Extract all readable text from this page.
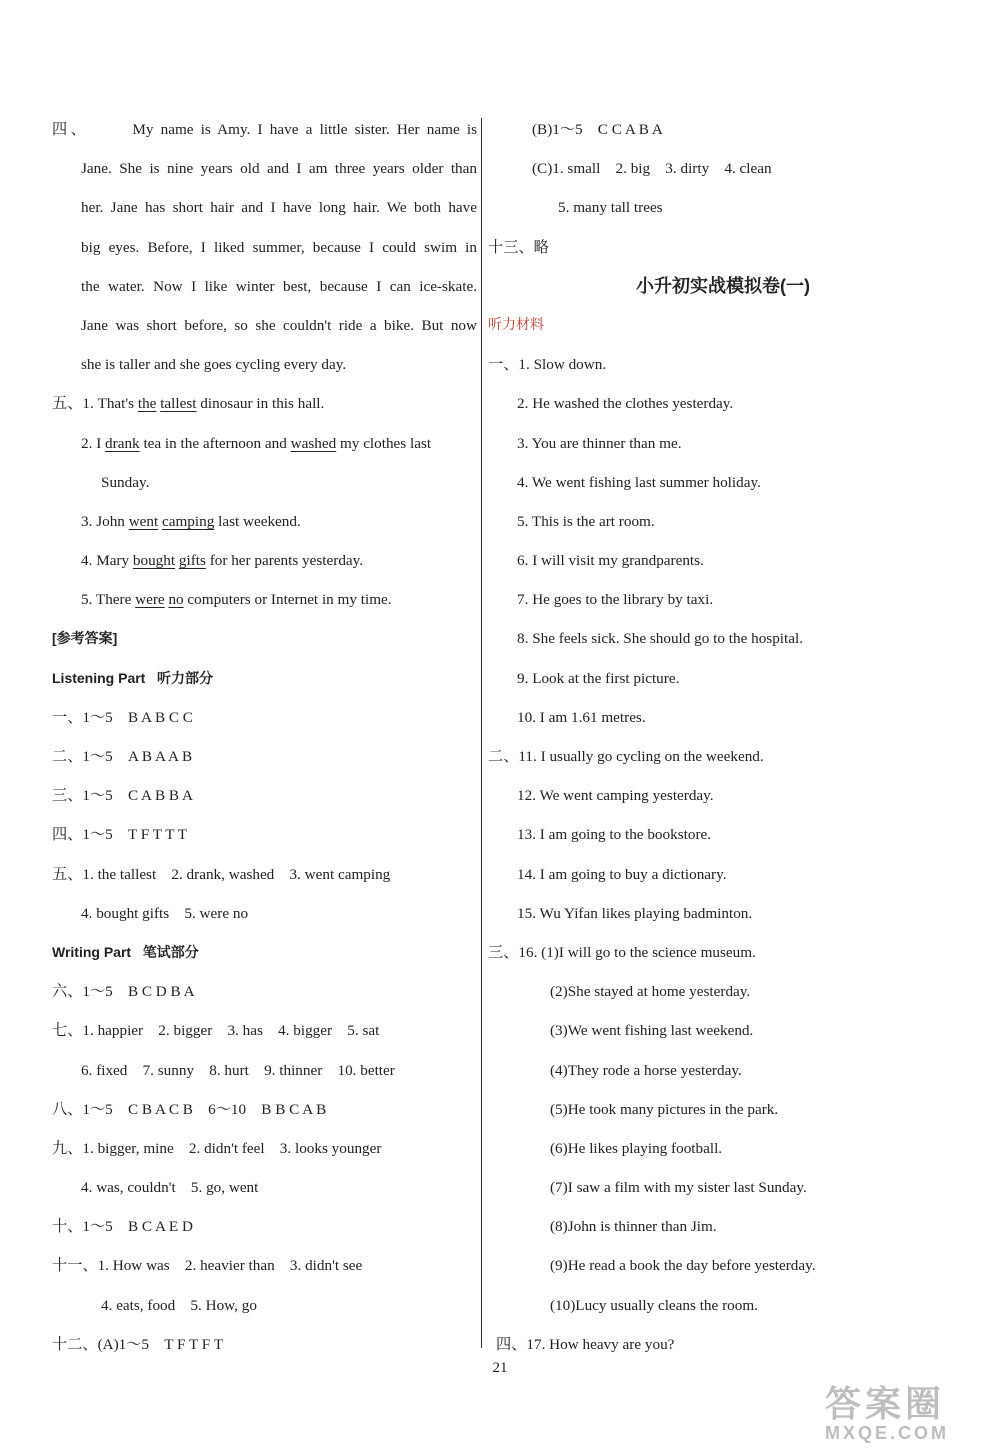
四、	My name is Amy. I have a little sister. Her name is
Jane. She is nine years old and I am three years older than
her. Jane has short hair and I have long hair. We both have
big eyes. Before, I liked summer, because I could swim in
the water. Now I like winter best, because I can ice-skate.
Jane was short before, so she couldn't ride a bike. But now
she is taller and she goes cycling every day.
五、1. That's the tallest dinosaur in this hall.
2. I drank tea in the afternoon and washed my clothes last
Sunday.
3. John went camping last weekend.
4. Mary bought gifts for her parents yesterday.
5. There were no computers or Internet in my time.
[参考答案]
Listening Part 听力部分
一、1～5　B A B C C
二、1～5　A B A A B
三、1～5　C A B B A
四、1～5　T F T T T
五、1. the tallest　2. drank, washed　3. went camping
4. bought gifts　5. were no
Writing Part 笔试部分
六、1～5　B C D B A
七、1. happier　2. bigger　3. has　4. bigger　5. sat
6. fixed　7. sunny　8. hurt　9. thinner　10. better
八、1～5　C B A C B　6～10　B B C A B
九、1. bigger, mine　2. didn't feel　3. looks younger
4. was, couldn't　5. go, went
十、1～5　B C A E D
十一、1. How was　2. heavier than　3. didn't see
4. eats, food　5. How, go
十二、(A)1～5　T F T F T
(B)1～5　C C A B A
(C)1. small　2. big　3. dirty　4. clean
5. many tall trees
十三、略
小升初实战模拟卷(一)
听力材料
一、1. Slow down.
2. He washed the clothes yesterday.
3. You are thinner than me.
4. We went fishing last summer holiday.
5. This is the art room.
6. I will visit my grandparents.
7. He goes to the library by taxi.
8. She feels sick. She should go to the hospital.
9. Look at the first picture.
10. I am 1.61 metres.
二、11. I usually go cycling on the weekend.
12. We went camping yesterday.
13. I am going to the bookstore.
14. I am going to buy a dictionary.
15. Wu Yifan likes playing badminton.
三、16. (1)I will go to the science museum.
(2)She stayed at home yesterday.
(3)We went fishing last weekend.
(4)They rode a horse yesterday.
(5)He took many pictures in the park.
(6)He likes playing football.
(7)I saw a film with my sister last Sunday.
(8)John is thinner than Jim.
(9)He read a book the day before yesterday.
(10)Lucy usually cleans the room.
四、17. How heavy are you?
21
答案圈
MXQE.COM
